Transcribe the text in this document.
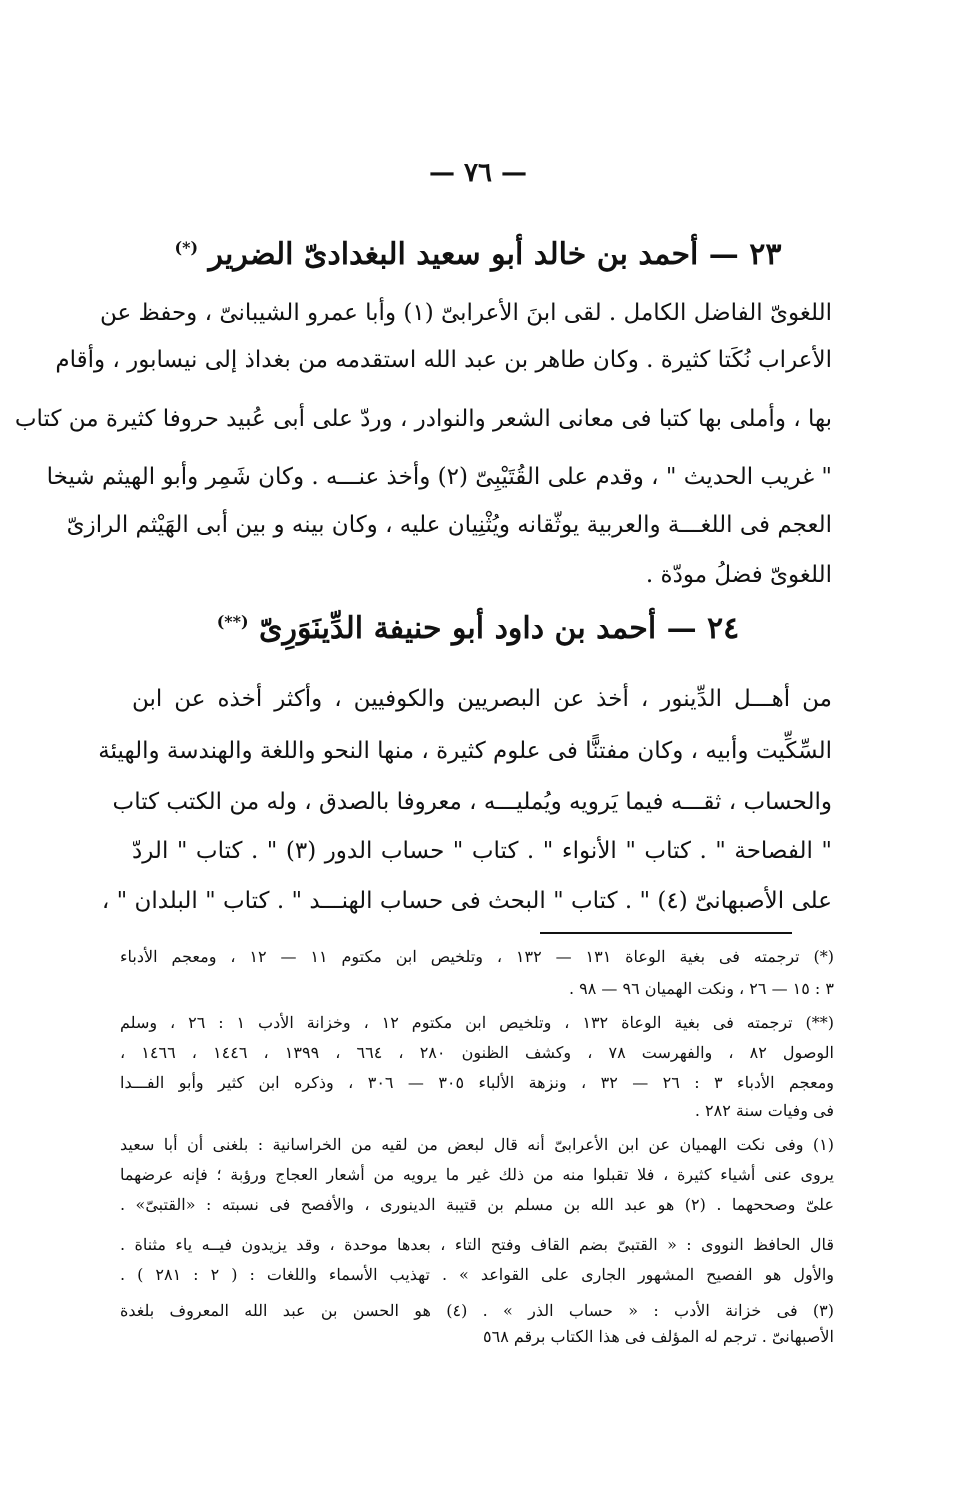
— ٧٦ —
٢٣ — أحمد بن خالد أبو سعيد البغدادىّ الضرير (*)
اللغوىّ الفاضل الكامل . لقى ابنَ الأعرابىّ (١) وأبا عمرو الشيبانىّ ، وحفظ عن
الأعراب نُكَتا كثيرة . وكان طاهر بن عبد الله استقدمه من بغداذ إلى نيسابور ، وأقام
بها ، وأملى بها كتبا فى معانى الشعر والنوادر ، وردّ على أبى عُبيد حروفا كثيرة من كتاب
" غريب الحديث " ، وقدم على القُتَيْبِىّ (٢) وأخذ عنـــه . وكان شَمِر وأبو الهيثم شيخا
العجم فى اللغـــة والعربية يوثّقانه ويُثْنِيان عليه ، وكان بينه و بين أبى الهَيْثم الرازىّ
اللغوىّ فضلُ مودّة .
٢٤ — أحمد بن داود أبو حنيفة الدِّينَوَرِىّ (**)
من أهـــل الدِّينور ، أخذ عن البصريين والكوفيين ، وأكثر أخذه عن ابن
السِّكِّيت وأبيه ، وكان مفتنًّا فى علوم كثيرة ، منها النحو واللغة والهندسة والهيئة
والحساب ، ثقـــه فيما يَرويه ويُمليـــه ، معروفا بالصدق ، وله من الكتب كتاب
" الفصاحة " . كتاب " الأنواء " . كتاب " حساب الدور (٣) " . كتاب " الردّ
على الأصبهانىّ (٤) " . كتاب " البحث فى حساب الهنـــد " . كتاب " البلدان " ،
(*) ترجمته فى بغية الوعاة ١٣١ — ١٣٢ ، وتلخيص ابن مكتوم ١١ — ١٢ ، ومعجم الأدباء
٣ : ١٥ — ٢٦ ، ونكت الهميان ٩٦ — ٩٨ .
(**) ترجمته فى بغية الوعاة ١٣٢ ، وتلخيص ابن مكتوم ١٢ ، وخزانة الأدب ١ : ٢٦ ، وسلم
الوصول ٨٢ ، والفهرست ٧٨ ، وكشف الظنون ٢٨٠ ، ٦٦٤ ، ١٣٩٩ ، ١٤٤٦ ، ١٤٦٦ ،
ومعجم الأدباء ٣ : ٢٦ — ٣٢ ، ونزهة الألباء ٣٠٥ — ٣٠٦ ، وذكره ابن كثير وأبو الفـــدا
فى وفيات سنة ٢٨٢ .
(١) وفى نكت الهميان عن ابن الأعرابىّ أنه قال لبعض من لقيه من الخراسانية : بلغنى أن أبا سعيد
يروى عنى أشياء كثيرة ، فلا تقبلوا منه من ذلك غير ما يرويه من أشعار العجاج ورؤبة ؛ فإنه عرضهما
علىّ وصححهما . (٢) هو عبد الله بن مسلم بن قتيبة الدينورى ، والأفصح فى نسبته : «القتبىّ» .
قال الحافظ النووى : « القتبىّ بضم القاف وفتح التاء ، بعدها موحدة ، وقد يزيدون فيــه ياء مثناة .
والأول هو الفصيح المشهور الجارى على القواعد » . تهذيب الأسماء واللغات : ( ٢ : ٢٨١ ) .
(٣) فى خزانة الأدب : « حساب الذر » . (٤) هو الحسن بن عبد الله المعروف بلغدة
الأصبهانىّ . ترجم له المؤلف فى هذا الكتاب برقم ٥٦٨
